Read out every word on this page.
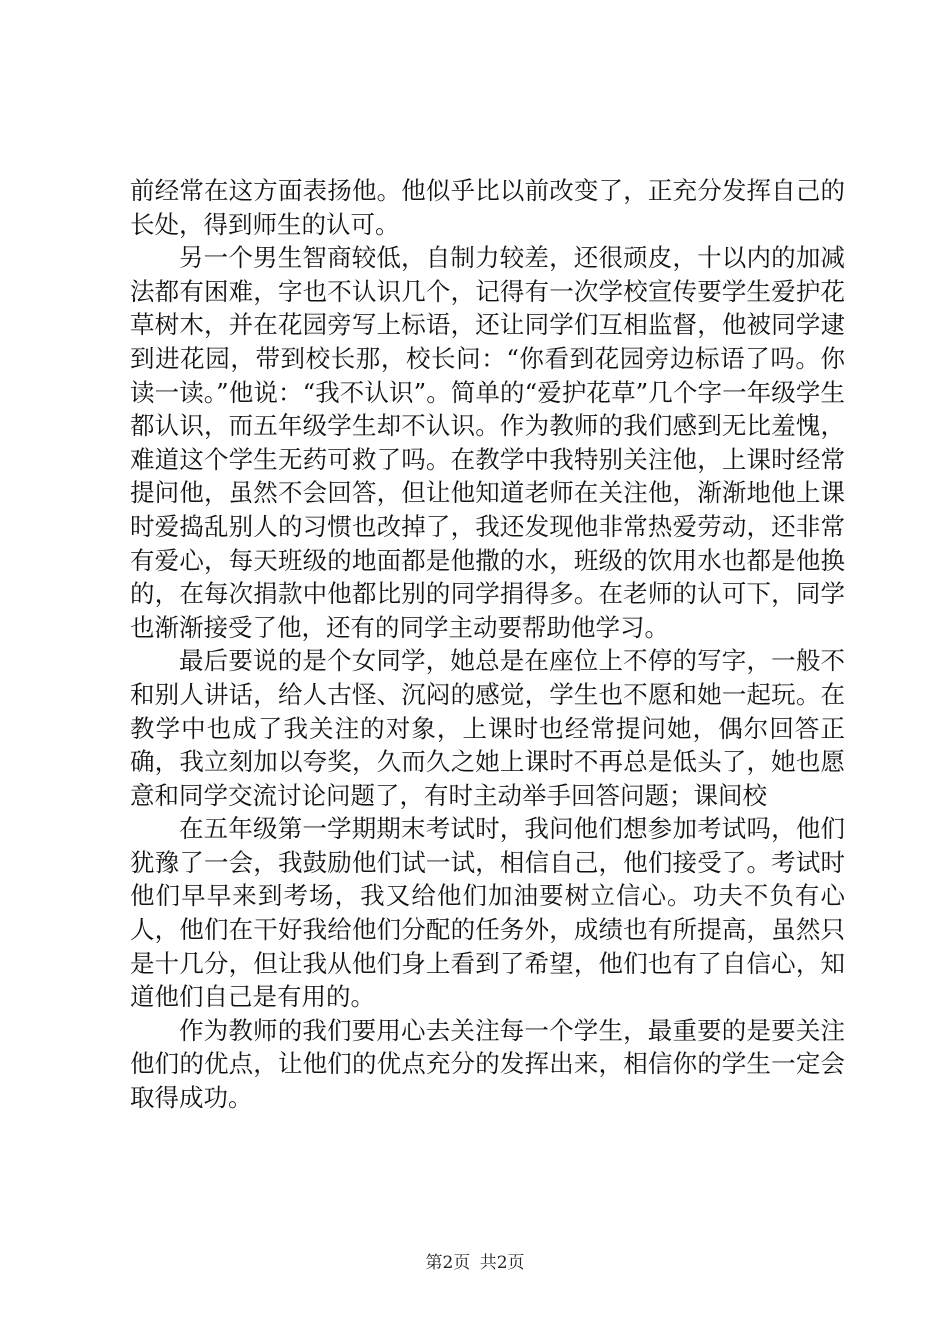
前经常在这方面表扬他。他似乎比以前改变了，正充分发挥自己的长处，得到师生的认可。

另一个男生智商较低，自制力较差，还很顽皮，十以内的加减法都有困难，字也不认识几个，记得有一次学校宣传要学生爱护花草树木，并在花园旁写上标语，还让同学们互相监督，他被同学逮到进花园，带到校长那，校长问：“你看到花园旁边标语了吗。你读一读。”他说：“我不认识”。简单的“爱护花草”几个字一年级学生都认识，而五年级学生却不认识。作为教师的我们感到无比羞愧，难道这个学生无药可救了吗。在教学中我特别关注他，上课时经常提问他，虽然不会回答，但让他知道老师在关注他，渐渐地他上课时爱捣乱别人的习惯也改掉了，我还发现他非常热爱劳动，还非常有爱心，每天班级的地面都是他撒的水，班级的饮用水也都是他换的，在每次捐款中他都比别的同学捐得多。在老师的认可下，同学也渐渐接受了他，还有的同学主动要帮助他学习。

最后要说的是个女同学，她总是在座位上不停的写字，一般不和别人讲话，给人古怪、沉闷的感觉，学生也不愿和她一起玩。在教学中也成了我关注的对象，上课时也经常提问她，偶尔回答正确，我立刻加以夸奖，久而久之她上课时不再总是低头了，她也愿意和同学交流讨论问题了，有时主动举手回答问题；课间校

在五年级第一学期期末考试时，我问他们想参加考试吗，他们犹豫了一会，我鼓励他们试一试，相信自己，他们接受了。考试时他们早早来到考场，我又给他们加油要树立信心。功夫不负有心人，他们在干好我给他们分配的任务外，成绩也有所提高，虽然只是十几分，但让我从他们身上看到了希望，他们也有了自信心，知道他们自己是有用的。

作为教师的我们要用心去关注每一个学生，最重要的是要关注他们的优点，让他们的优点充分的发挥出来，相信你的学生一定会取得成功。

第2页 共2页
